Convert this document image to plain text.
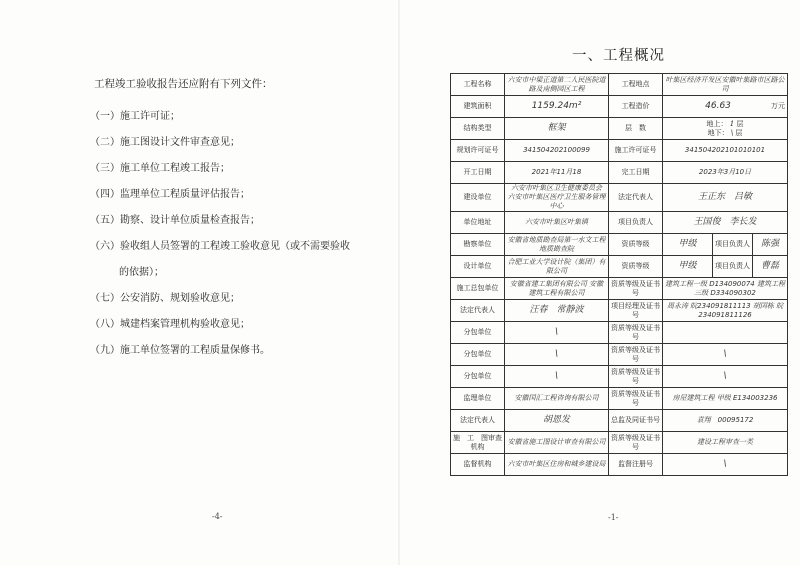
工程竣工验收报告还应附有下列文件：
（一）施工许可证；
（二）施工图设计文件审查意见；
（三）施工单位工程竣工报告；
（四）监理单位工程质量评估报告；
（五）勘察、设计单位质量检查报告；
（六）验收组人员签署的工程竣工验收意见（或不需要验收
的依据）；
（七）公安消防、规划验收意见；
（八）城建档案管理机构验收意见；
（九）施工单位签署的工程质量保修书。
-4-
一、工程概况
工程名称	六安市中梁正道第二人民医院道路及南侧园区工程	工程地点	叶集区经济开发区安徽叶集路市区路公司		
建筑面积	1159.24m²	工程造价	46.63 万元		

结构类型	框架	层　数	地上： 1 层
地下： \ 层		

规划许可证号	341504202100099	施工许可证号	341504202101010101		
开工日期	2021年11月18	完工日期	2023年3月10日		
建设单位	六安市叶集区卫生健康委员会 六安市叶集区医疗卫生服务管理中心	法定代表人	王正东　吕敏		
单位地址	六安市叶集区叶集镇	项目负责人	王国俊　李长发		
勘察单位	安徽省地质勘查局第一水文工程地质勘查院	资质等级	甲级	项目负责人	陈强
设计单位	合肥工业大学设计院（集团）有限公司	资质等级	甲级	项目负责人	曹磊
施工总包单位	安徽省建工集团有限公司 安徽建筑工程有限公司	资质等级及证书号	建筑工程一级 D134090074 建筑工程三级 D334090302		
法定代表人	汪春　常静波	项目经理及证书号	周永涛 皖234091811113 胡国栋 皖234091811126		
分包单位	\	资质等级及证书号			
分包单位	\	资质等级及证书号	\		
分包单位	\	资质等级及证书号	\		
监理单位	安徽国汇工程咨询有限公司	资质等级及证书号	房屋建筑工程 甲级 E134003236		
法定代表人	胡恩发	总监及同证书号	袁翔　00095172		
施　工　图审查机构	安徽省施工图设计审查有限公司	资质等级及证书号	建设工程审查一类		
监督机构	六安市叶集区住房和城乡建设局	监督注册号	\		
-1-
